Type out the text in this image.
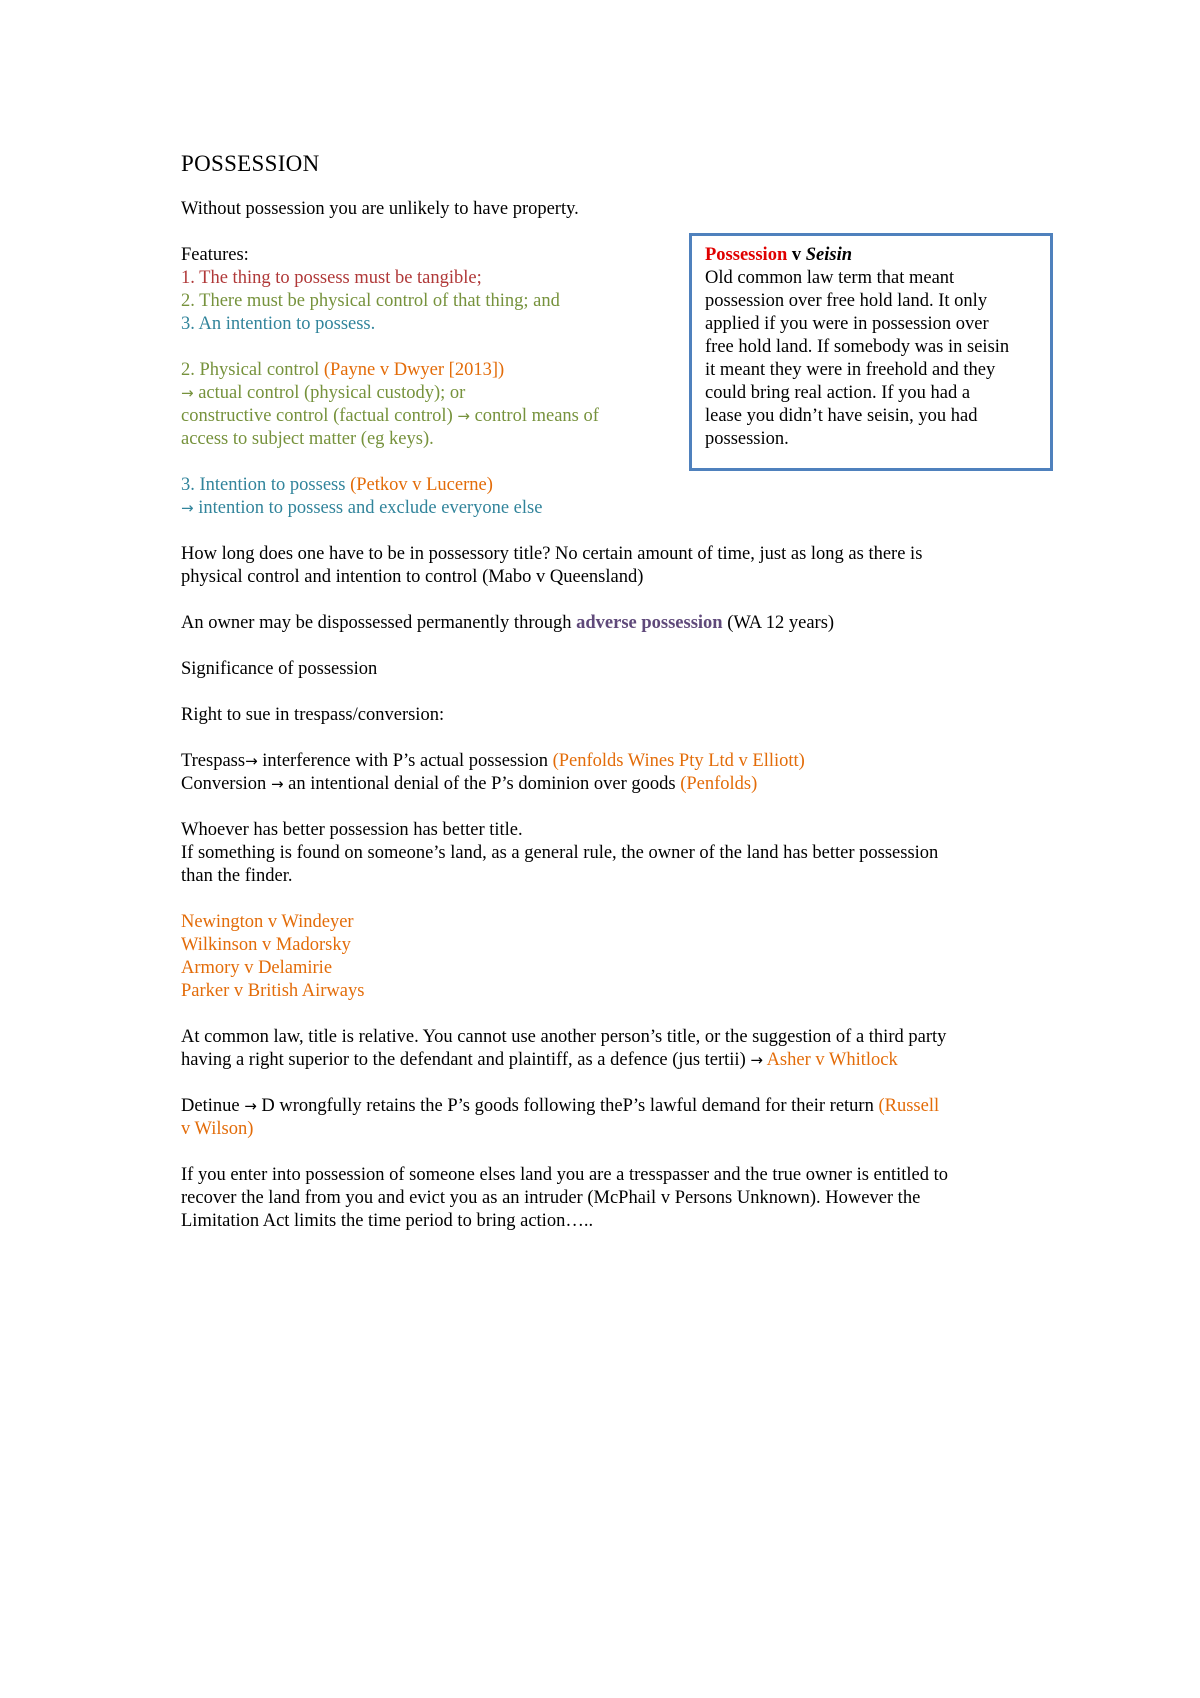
POSSESSION

Without possession you are unlikely to have property.

Features:

1. The thing to possess must be tangible;

2. There must be physical control of that thing; and

3. An intention to possess.

2. Physical control (Payne v Dwyer [2013])

→ actual control (physical custody); or

constructive control (factual control) → control means of

access to subject matter (eg keys).

3. Intention to possess (Petkov v Lucerne)

→ intention to possess and exclude everyone else

How long does one have to be in possessory title? No certain amount of time, just as long as there is

physical control and intention to control (Mabo v Queensland)

An owner may be dispossessed permanently through adverse possession (WA 12 years)

Significance of possession

Right to sue in trespass/conversion:

Trespass→ interference with P’s actual possession (Penfolds Wines Pty Ltd v Elliott)

Conversion → an intentional denial of the P’s dominion over goods (Penfolds)

Whoever has better possession has better title.

If something is found on someone’s land, as a general rule, the owner of the land has better possession

than the finder.

Newington v Windeyer

Wilkinson v Madorsky

Armory v Delamirie

Parker v British Airways

At common law, title is relative. You cannot use another person’s title, or the suggestion of a third party

having a right superior to the defendant and plaintiff, as a defence (jus tertii) → Asher v Whitlock

Detinue → D wrongfully retains the P’s goods following theP’s lawful demand for their return (Russell

v Wilson)

If you enter into possession of someone elses land you are a tresspasser and the true owner is entitled to

recover the land from you and evict you as an intruder (McPhail v Persons Unknown). However the

Limitation Act limits the time period to bring action…..

Possession v Seisin

Old common law term that meant

possession over free hold land. It only

applied if you were in possession over

free hold land. If somebody was in seisin

it meant they were in freehold and they

could bring real action. If you had a

lease you didn’t have seisin, you had

possession.
